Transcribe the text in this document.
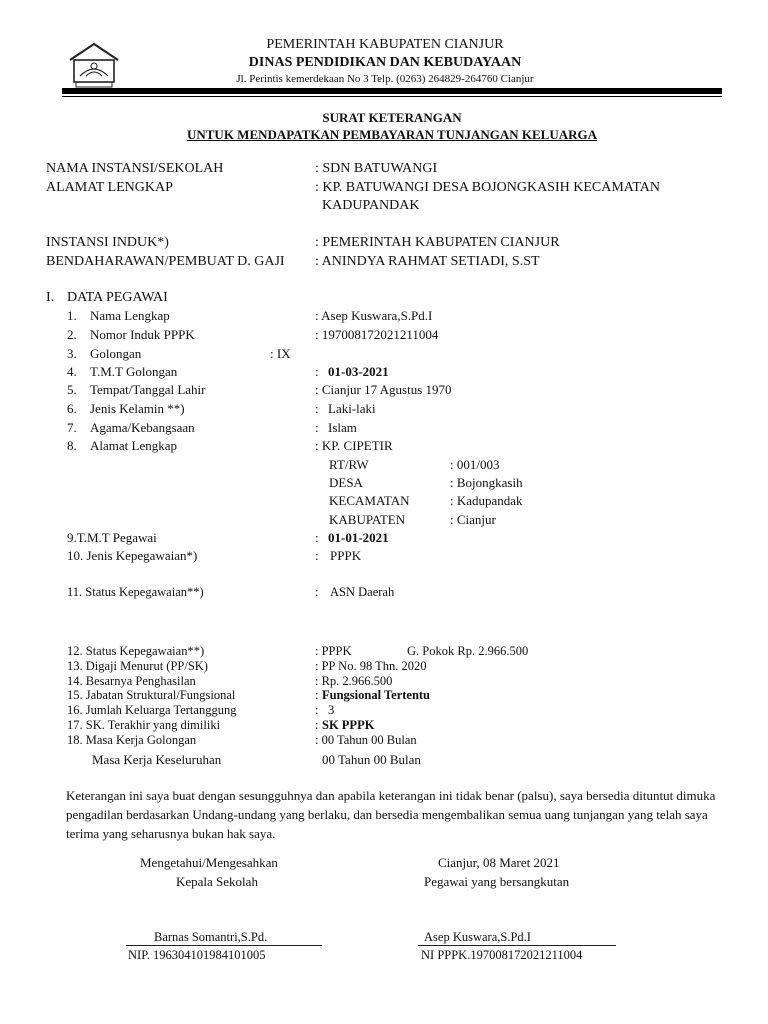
PEMERINTAH KABUPATEN CIANJUR
DINAS PENDIDIKAN DAN KEBUDAYAAN
Jl. Perintis kemerdekaan No 3 Telp. (0263) 264829-264760 Cianjur
SURAT KETERANGAN
UNTUK MENDAPATKAN PEMBAYARAN TUNJANGAN KELUARGA
NAMA INSTANSI/SEKOLAH	: SDN BATUWANGI
ALAMAT LENGKAP	: KP. BATUWANGI DESA BOJONGKASIH KECAMATAN
KADUPANDAK
INSTANSI INDUK*)	: PEMERINTAH KABUPATEN CIANJUR
BENDAHARAWAN/PEMBUAT D. GAJI : ANINDYA RAHMAT SETIADI, S.ST
I. DATA PEGAWAI
1. Nama Lengkap	: Asep Kuswara,S.Pd.I
2. Nomor Induk PPPK	: 197008172021211004
3. Golongan	: IX
4. T.M.T Golongan	: 01-03-2021
5. Tempat/Tanggal Lahir	: Cianjur 17 Agustus 1970
6. Jenis Kelamin **)	: Laki-laki
7. Agama/Kebangsaan	: Islam
8. Alamat Lengkap	: KP. CIPETIR
RT/RW	: 001/003
DESA	: Bojongkasih
KECAMATAN	: Kadupandak
KABUPATEN	: Cianjur
9.T.M.T Pegawai	: 01-01-2021
10. Jenis Kepegawaian*)	: PPPK
11. Status Kepegawaian**)	: ASN Daerah
12. Status Kepegawaian**)	: PPPK	G. Pokok Rp. 2.966.500
13. Digaji Menurut (PP/SK)	: PP No. 98 Thn. 2020
14. Besarnya Penghasilan	: Rp. 2.966.500
15. Jabatan Struktural/Fungsional	: Fungsional Tertentu
16. Jumlah Keluarga Tertanggung	: 3
17. SK. Terakhir yang dimiliki	: SK PPPK
18. Masa Kerja Golongan	: 00 Tahun 00 Bulan
Masa Kerja Keseluruhan	00 Tahun 00 Bulan
Keterangan ini saya buat dengan sesungguhnya dan apabila keterangan ini tidak benar (palsu), saya bersedia dituntut dimuka pengadilan berdasarkan Undang-undang yang berlaku, dan bersedia mengembalikan semua uang tunjangan yang telah saya terima yang seharusnya bukan hak saya.
Mengetahui/Mengesahkan
Kepala Sekolah
Cianjur, 08 Maret 2021
Pegawai yang bersangkutan
Barnas Somantri,S.Pd.
NIP. 196304101984101005
Asep Kuswara,S.Pd.I
NI PPPK.197008172021211004
